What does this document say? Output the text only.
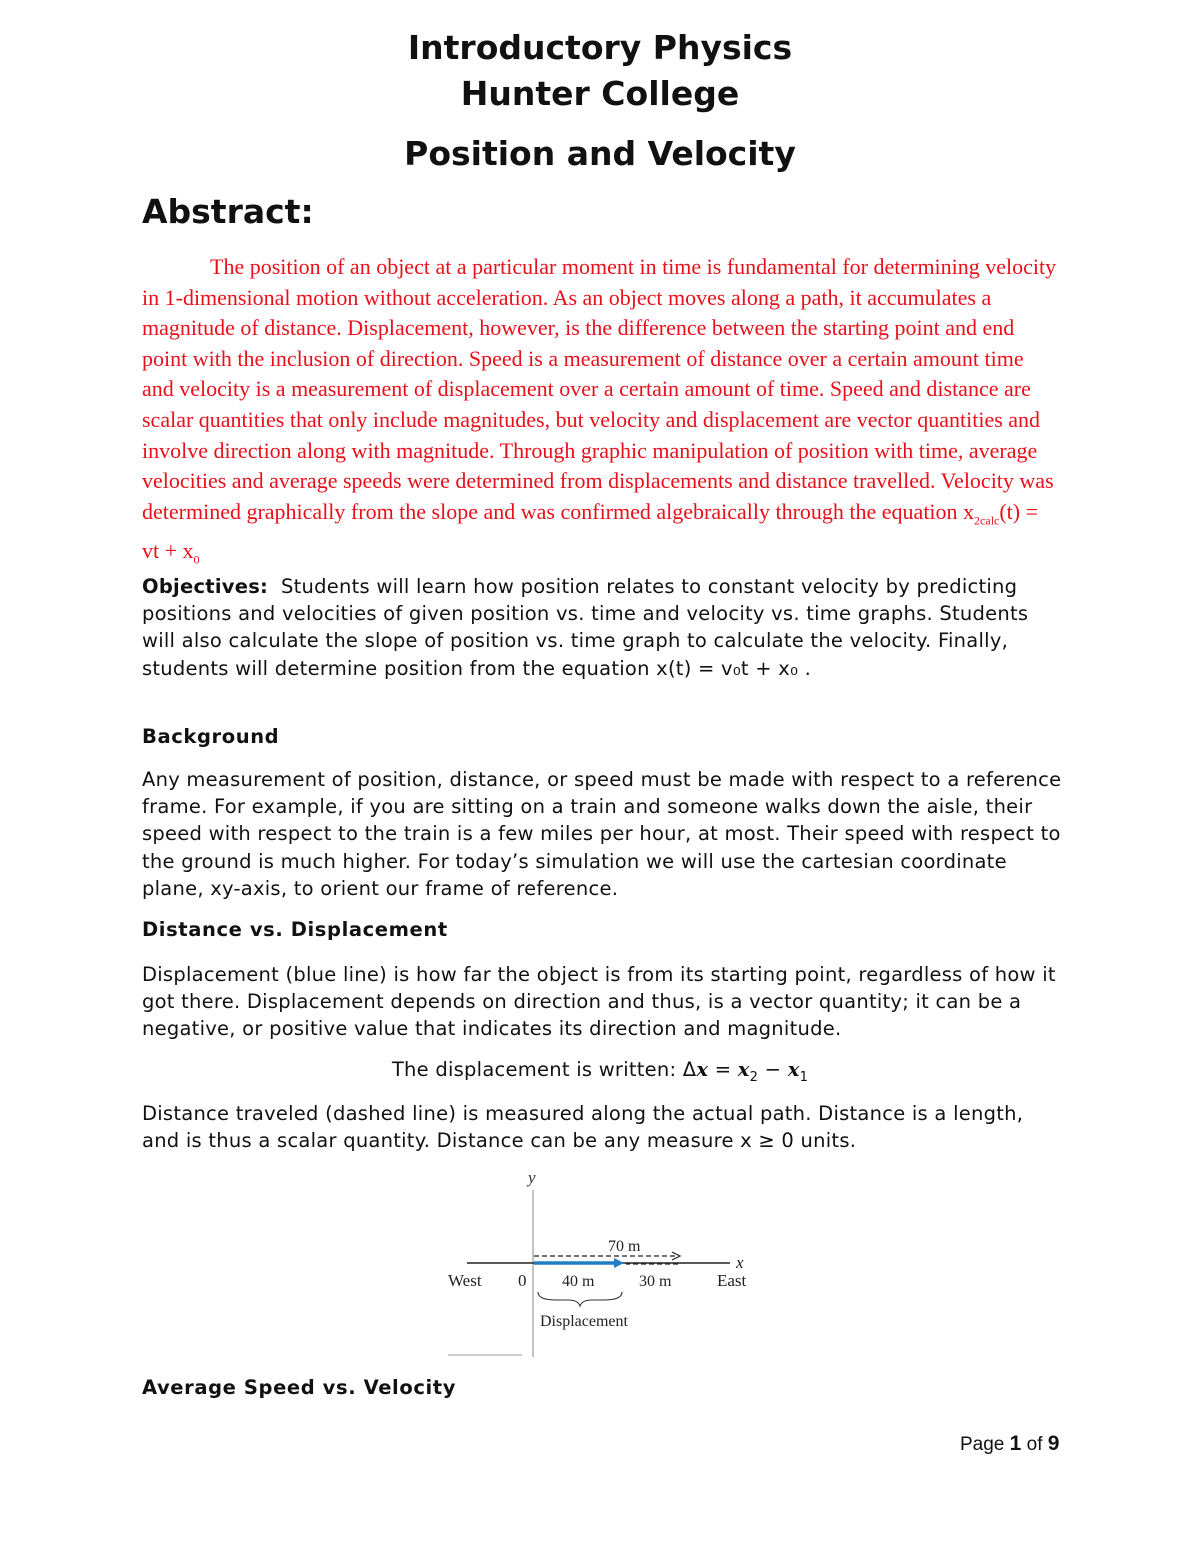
Introductory Physics
Hunter College
Position and Velocity
Abstract:

The position of an object at a particular moment in time is fundamental for determining velocity in 1-dimensional motion without acceleration. As an object moves along a path, it accumulates a magnitude of distance. Displacement, however, is the difference between the starting point and end point with the inclusion of direction. Speed is a measurement of distance over a certain amount time and velocity is a measurement of displacement over a certain amount of time. Speed and distance are scalar quantities that only include magnitudes, but velocity and displacement are vector quantities and involve direction along with magnitude. Through graphic manipulation of position with time, average velocities and average speeds were determined from displacements and distance travelled. Velocity was determined graphically from the slope and was confirmed algebraically through the equation $x_{2calc}(t)$ = vt + $x_0$

Objectives: Students will learn how position relates to constant velocity by predicting positions and velocities of given position vs. time and velocity vs. time graphs. Students will also calculate the slope of position vs. time graph to calculate the velocity. Finally, students will determine position from the equation x(t) = v₀t + x₀ .

Background

Any measurement of position, distance, or speed must be made with respect to a reference frame. For example, if you are sitting on a train and someone walks down the aisle, their speed with respect to the train is a few miles per hour, at most. Their speed with respect to the ground is much higher. For today’s simulation we will use the cartesian coordinate plane, xy-axis, to orient our frame of reference.

Distance vs. Displacement

Displacement (blue line) is how far the object is from its starting point, regardless of how it got there. Displacement depends on direction and thus, is a vector quantity; it can be a negative, or positive value that indicates its direction and magnitude.

The displacement is written: $\Delta x = x_2 - x_1$

Distance traveled (dashed line) is measured along the actual path. Distance is a length, and is thus a scalar quantity. Distance can be any measure x ≥ 0 units.

y
x
70 m
West 0 40 m	30 m	East
Displacement
Average Speed vs. Velocity
Page 1 of 9
